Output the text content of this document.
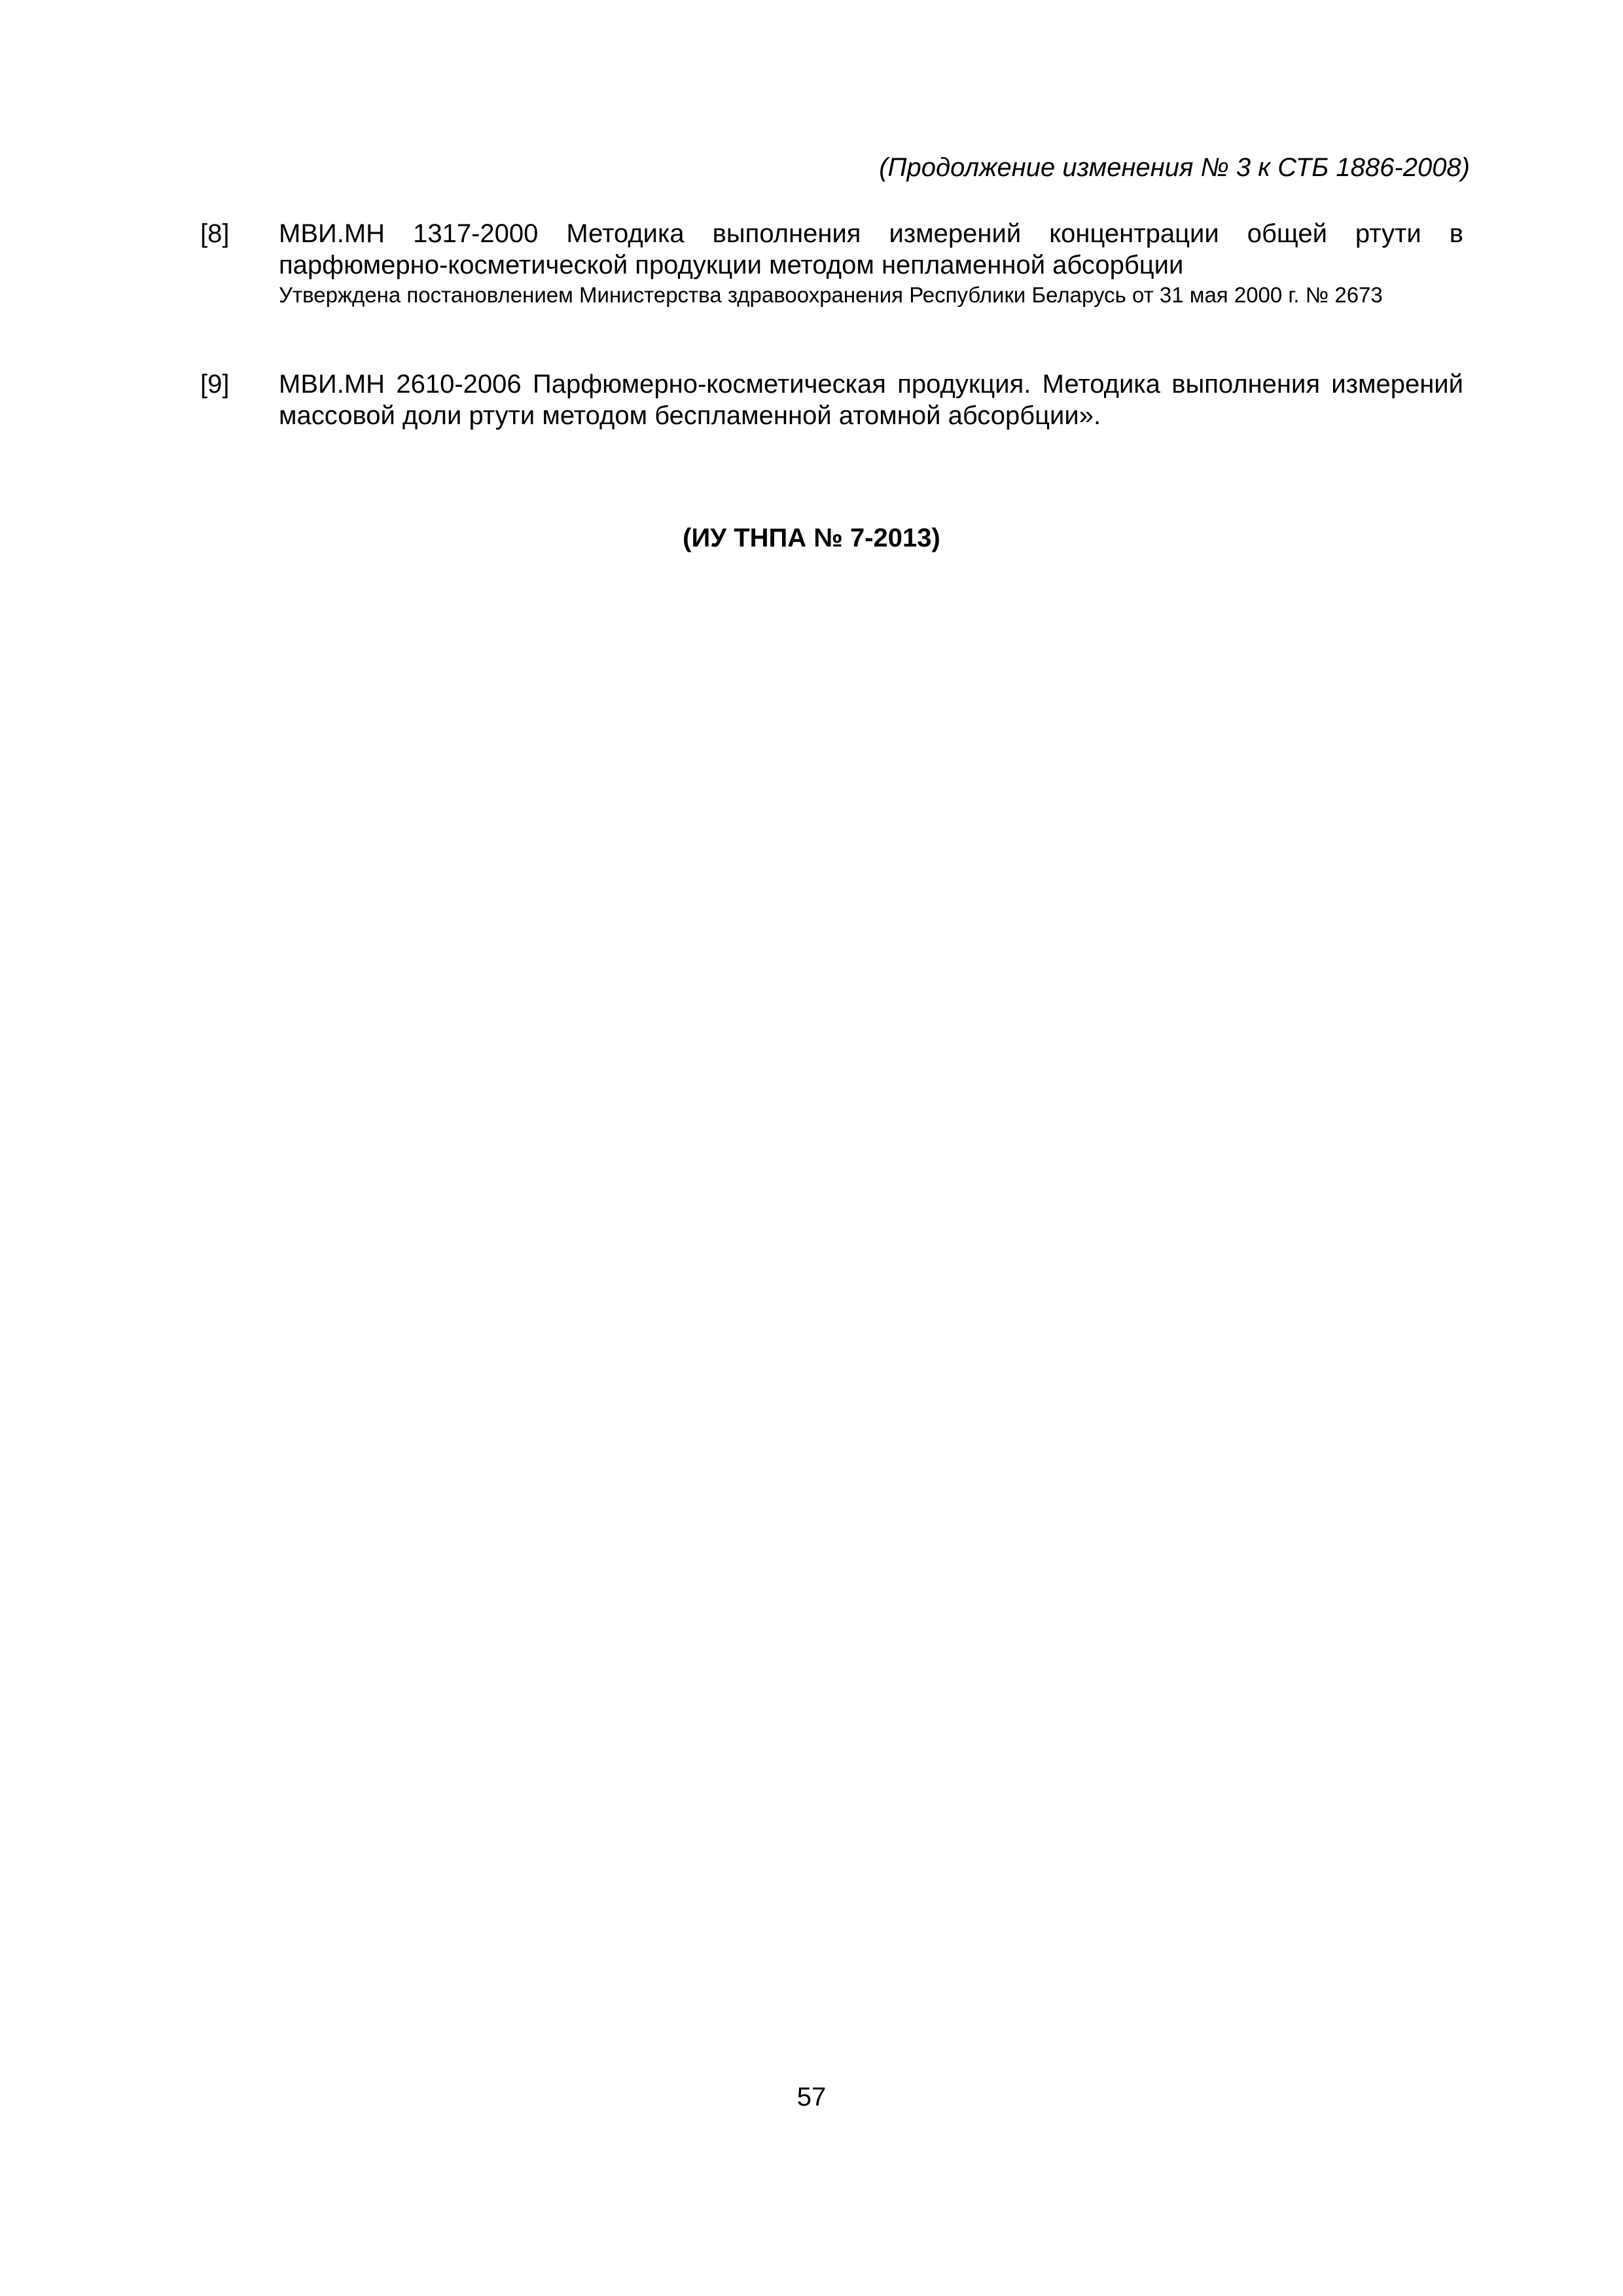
(Продолжение изменения № 3 к СТБ 1886-2008)
[8] МВИ.МН 1317-2000 Методика выполнения измерений концентрации общей ртути в парфюмерно-косметической продукции методом непламенной абсорбции
Утверждена постановлением Министерства здравоохранения Республики Беларусь от 31 мая 2000 г. № 2673
[9] МВИ.МН 2610-2006 Парфюмерно-косметическая продукция. Методика выполнения измерений массовой доли ртути методом беспламенной атомной абсорбции».
(ИУ ТНПА № 7-2013)
57
